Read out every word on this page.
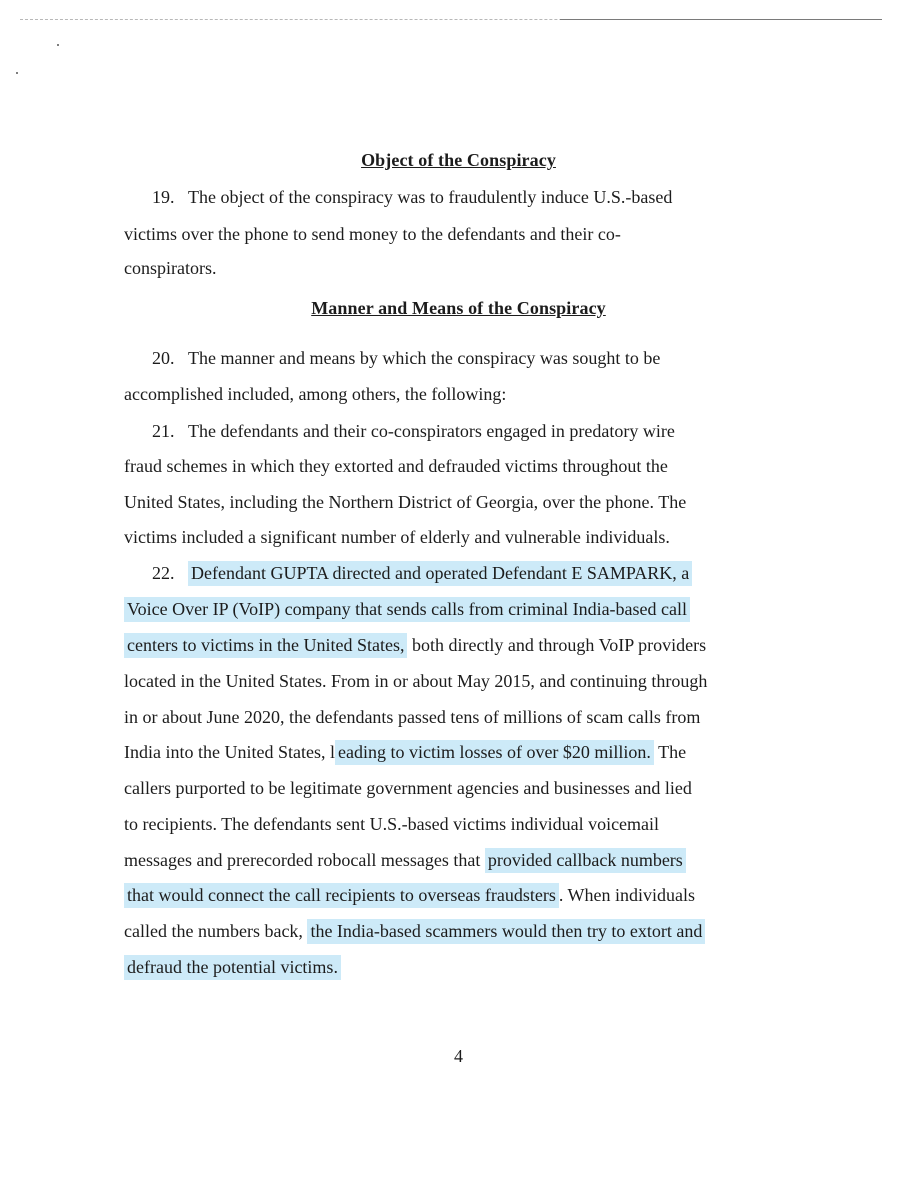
Object of the Conspiracy
19. The object of the conspiracy was to fraudulently induce U.S.-based
victims over the phone to send money to the defendants and their co-
conspirators.
Manner and Means of the Conspiracy
20. The manner and means by which the conspiracy was sought to be
accomplished included, among others, the following:
21. The defendants and their co-conspirators engaged in predatory wire
fraud schemes in which they extorted and defrauded victims throughout the
United States, including the Northern District of Georgia, over the phone. The
victims included a significant number of elderly and vulnerable individuals.
22. Defendant GUPTA directed and operated Defendant E SAMPARK, a
Voice Over IP (VoIP) company that sends calls from criminal India-based call
centers to victims in the United States, both directly and through VoIP providers
located in the United States. From in or about May 2015, and continuing through
in or about June 2020, the defendants passed tens of millions of scam calls from
India into the United States, l eading to victim losses of over $20 million. The
callers purported to be legitimate government agencies and businesses and lied
to recipients. The defendants sent U.S.-based victims individual voicemail
messages and prerecorded robocall messages that provided callback numbers
that would connect the call recipients to overseas fraudsters . When individuals
called the numbers back, the India-based scammers would then try to extort and
defraud the potential victims.
4
